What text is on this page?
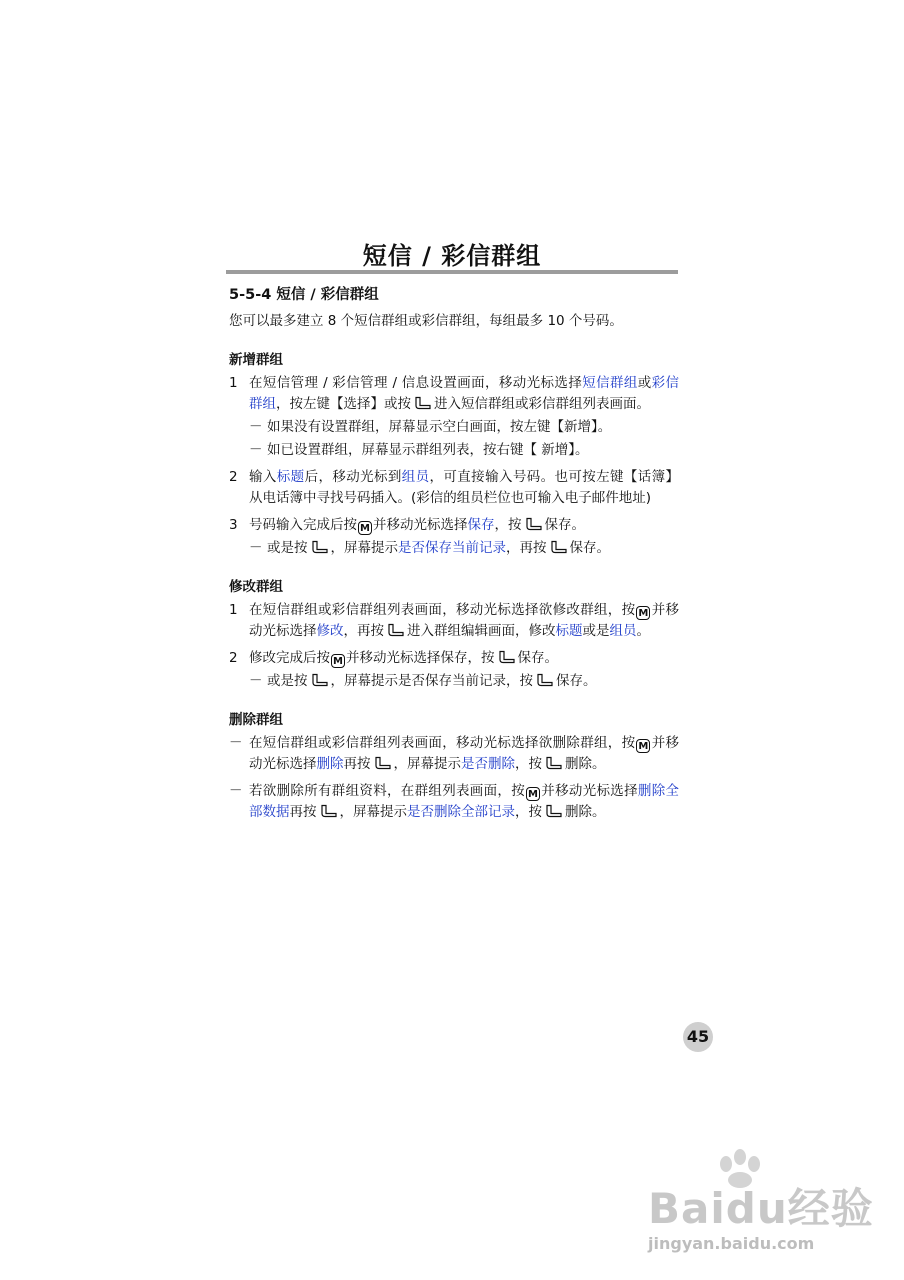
短信 / 彩信群组
5-5-4 短信 / 彩信群组
您可以最多建立 8 个短信群组或彩信群组，每组最多 10 个号码。
新增群组
1 在短信管理 / 彩信管理 / 信息设置画面，移动光标选择短信群组或彩信群组，按左键【选择】或按 进入短信群组或彩信群组列表画面。
－ 如果没有设置群组，屏幕显示空白画面，按左键【新增】。
－ 如已设置群组，屏幕显示群组列表，按右键【 新增】。
2 输入标题后，移动光标到组员，可直接输入号码。也可按左键【话簿】从电话簿中寻找号码插入。(彩信的组员栏位也可输入电子邮件地址)
3 号码输入完成后按 M 并移动光标选择保存，按 保存。
－ 或是按 ，屏幕提示是否保存当前记录，再按 保存。
修改群组
1 在短信群组或彩信群组列表画面，移动光标选择欲修改群组，按 M 并移动光标选择修改，再按 进入群组编辑画面，修改标题或是组员。
2 修改完成后按 M 并移动光标选择保存，按 保存。
－ 或是按 ，屏幕提示是否保存当前记录，按 保存。
删除群组
－ 在短信群组或彩信群组列表画面，移动光标选择欲删除群组，按 M 并移动光标选择删除再按 ，屏幕提示是否删除，按 删除。
－ 若欲删除所有群组资料，在群组列表画面，按 M 并移动光标选择删除全部数据再按 ，屏幕提示是否删除全部记录，按 删除。
45
Baidu经验
jingyan.baidu.com
